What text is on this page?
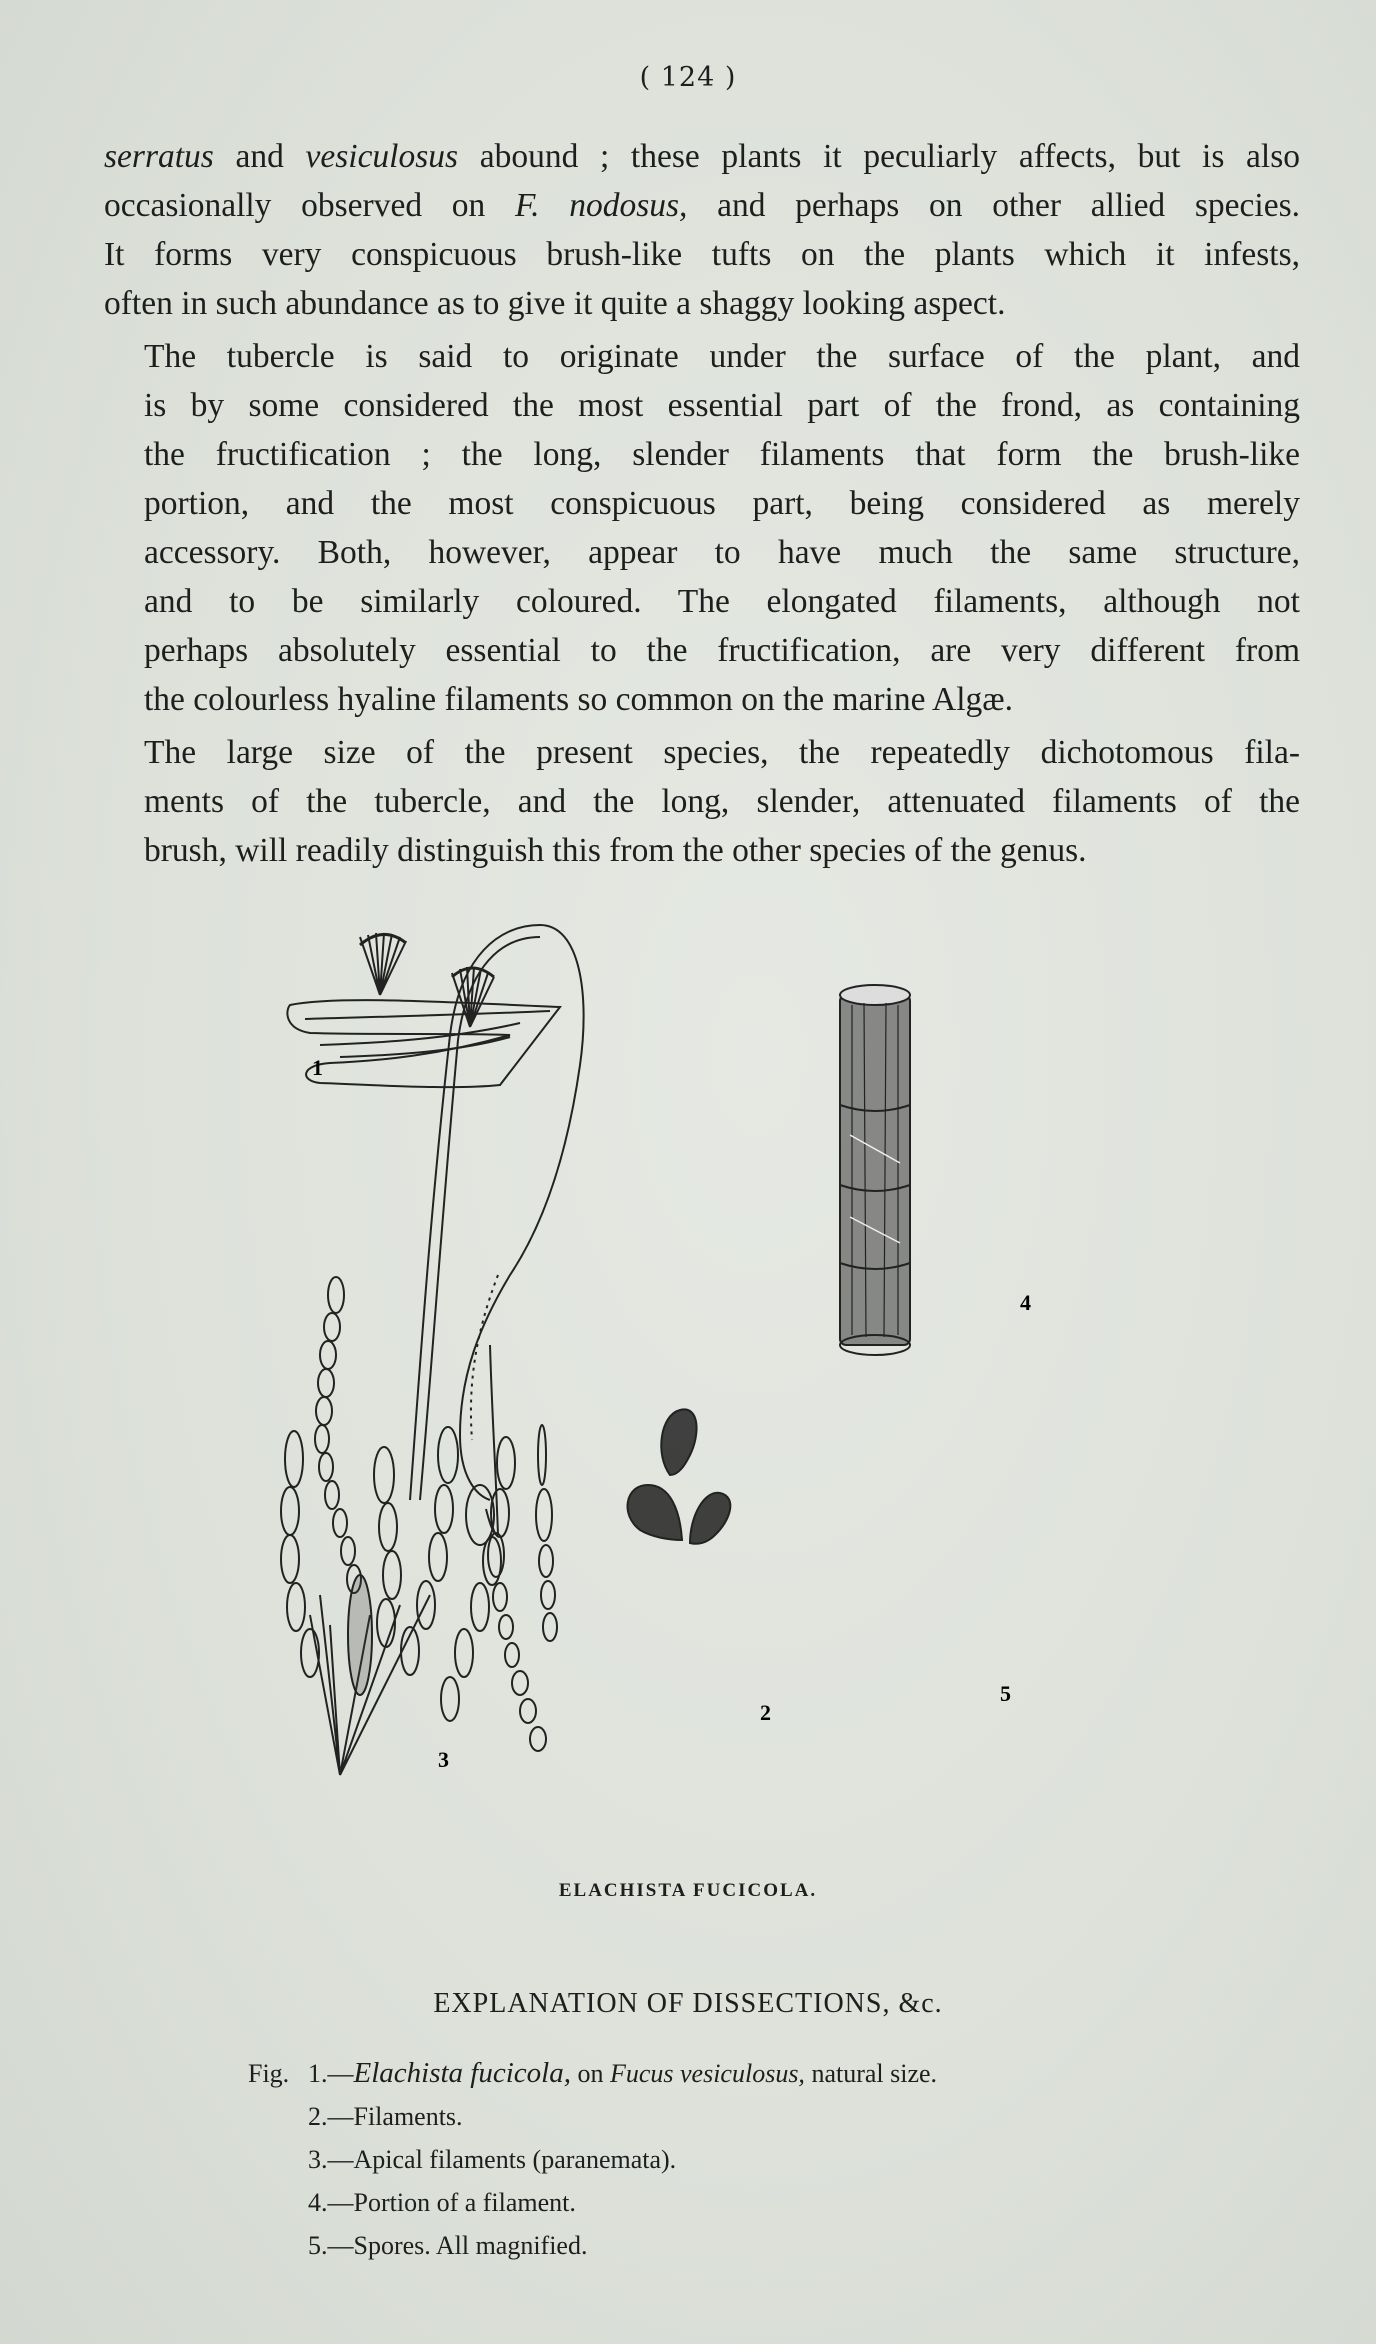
( 124 )

serratus and vesiculosus abound ; these plants it peculiarly affects, but is also
occasionally observed on F. nodosus, and perhaps on other allied species.
It forms very conspicuous brush-like tufts on the plants which it infests,
often in such abundance as to give it quite a shaggy looking aspect.

The tubercle is said to originate under the surface of the plant, and
is by some considered the most essential part of the frond, as containing
the fructification ; the long, slender filaments that form the brush-like
portion, and the most conspicuous part, being considered as merely
accessory. Both, however, appear to have much the same structure,
and to be similarly coloured. The elongated filaments, although not
perhaps absolutely essential to the fructification, are very different from
the colourless hyaline filaments so common on the marine Algæ.

The large size of the present species, the repeatedly dichotomous fila-
ments of the tubercle, and the long, slender, attenuated filaments of the
brush, will readily distinguish this from the other species of the genus.

1
2
3
4
5
ELACHISTA FUCICOLA.
EXPLANATION OF DISSECTIONS, &c.
Fig. 1.—Elachista fucicola, on Fucus vesiculosus, natural size.
2.—Filaments.
3.—Apical filaments (paranemata).
4.—Portion of a filament.
5.—Spores. All magnified.
